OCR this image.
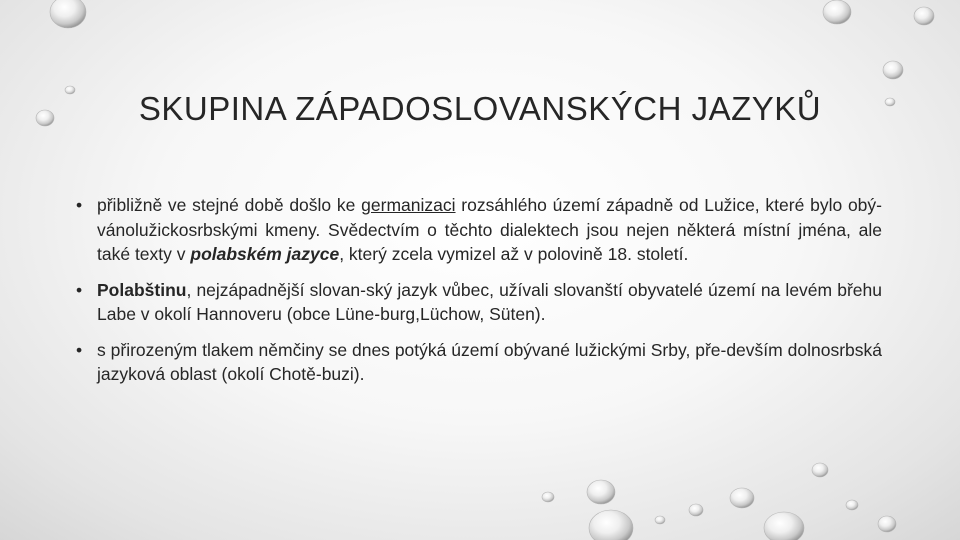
SKUPINA ZÁPADOSLOVANSKÝCH JAZYKŮ
• přibližně ve stejné době došlo ke germanizaci rozsáhlého území západně od Lužice, které bylo obý-vánolužickosrbskými kmeny. Svědectvím o těchto dialektech jsou nejen některá místní jména, ale také texty v polabském jazyce, který zcela vymizel až v polovině 18. století.
• Polabštinu, nejzápadnější slovan-ský jazyk vůbec, užívali slovanští obyvatelé území na levém břehu Labe v okolí Hannoveru (obce Lüne-burg,Lüchow, Süten).
• s přirozeným tlakem němčiny se dnes potýká území obývané lužickými Srby, pře-devším dolnosrbská jazyková oblast (okolí Chotě-buzi).
